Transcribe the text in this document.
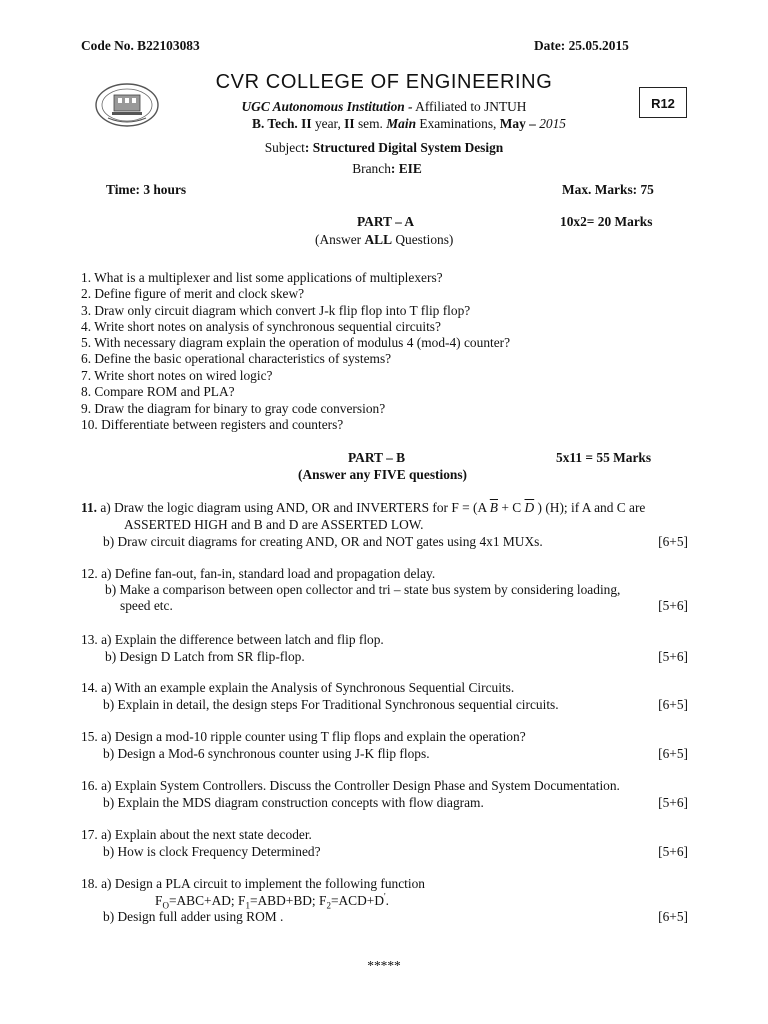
Code No. B22103083	Date: 25.05.2015
CVR COLLEGE OF ENGINEERING
R12
UGC Autonomous Institution - Affiliated to JNTUH
B. Tech. II year, II sem. Main Examinations, May – 2015
Subject: Structured Digital System Design
Branch: EIE
Time: 3 hours	Max. Marks: 75
PART – A	10x2= 20 Marks
(Answer ALL Questions)
1. What is a multiplexer and list some applications of multiplexers?
2. Define figure of merit and clock skew?
3. Draw only circuit diagram which convert J-k flip flop into T flip flop?
4. Write short notes on analysis of synchronous sequential circuits?
5. With necessary diagram explain the operation of modulus 4 (mod-4) counter?
6. Define the basic operational characteristics of systems?
7. Write short notes on wired logic?
8. Compare ROM and PLA?
9. Draw the diagram for binary to gray code conversion?
10. Differentiate between registers and counters?
PART – B	5x11 = 55 Marks
(Answer any FIVE questions)
11. a) Draw the logic diagram using AND, OR and INVERTERS for F = (A $\overline{B} + C$ $\overline{D}$ ) (H); if A and C are
ASSERTED HIGH and B and D are ASSERTED LOW.
b) Draw circuit diagrams for creating AND, OR and NOT gates using 4x1 MUXs.	[6+5]
12. a) Define fan-out, fan-in, standard load and propagation delay.
b) Make a comparison between open collector and tri – state bus system by considering loading,
speed etc.	[5+6]
13. a) Explain the difference between latch and flip flop.
b) Design D Latch from SR flip-flop.	[5+6]
14. a) With an example explain the Analysis of Synchronous Sequential Circuits.
b) Explain in detail, the design steps For Traditional Synchronous sequential circuits.	[6+5]
15. a) Design a mod-10 ripple counter using T flip flops and explain the operation?
b) Design a Mod-6 synchronous counter using J-K flip flops.	[6+5]
16. a) Explain System Controllers. Discuss the Controller Design Phase and System Documentation.
b) Explain the MDS diagram construction concepts with flow diagram.	[5+6]
17. a) Explain about the next state decoder.
b) How is clock Frequency Determined?	[5+6]
18. a) Design a PLA circuit to implement the following function
$F_O=ABC+AD$; $F_1=ABD+BD$; $F_2=ACD+D'$.
b) Design full adder using ROM .	[6+5]
*****
